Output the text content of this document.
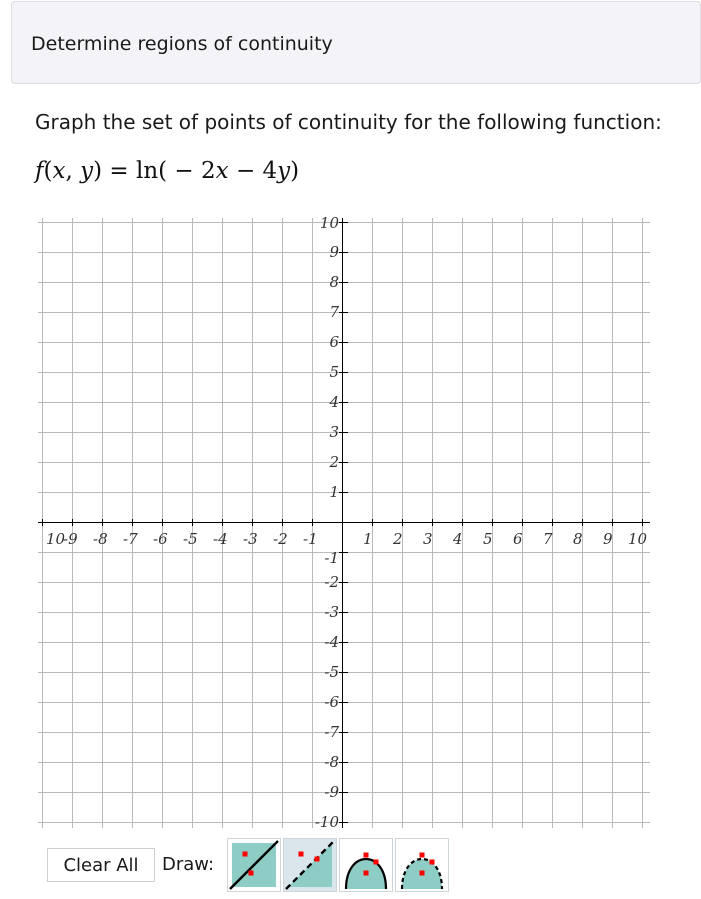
Determine regions of continuity
Graph the set of points of continuity for the following function:
f(x, y) = ln( − 2x − 4y)
10
-9 -8 -7 -6 -5 -4 -3 -2 -1	1 2 3 4 5 6 7 8 9 10
10
9
8
7
6
5
4
3
2
1
-1
-2
-3
-4
-5
-6
-7
-8
-9
-10
Clear All	Draw:
